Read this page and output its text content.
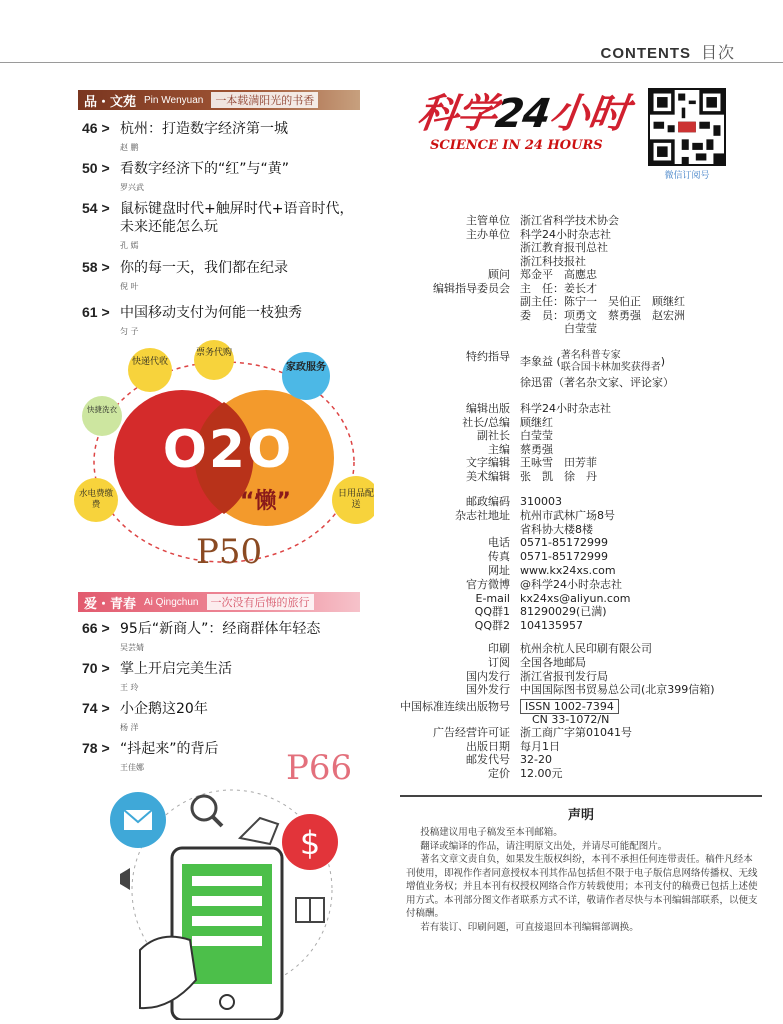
CONTENTS 目次
品・文苑 Pin Wenyuan	一本载满阳光的书香
46 > 杭州：打造数字经济第一城
赵 鹏
50 > 看数字经济下的“红”与“黄”
罗兴武
54 > 鼠标键盘时代+触屏时代+语音时代，
未来还能怎么玩
孔 嫣
58 > 你的每一天，我们都在纪录
倪 叶
61 > 中国移动支付为何能一枝独秀
匀 子
快递代收
票务代购
家政服务
快捷洗衣
水电费缴费
日用品配送
O2O
“懒”
P50
爱・青春 Ai Qingchun	一次没有后悔的旅行
66 > 95后“新商人”：经商群体年轻态
吴芸婧
70 > 掌上开启完美生活
王 玲
74 > 小企鹅这20年
杨 洋
78 > “抖起来”的背后
王佳娜	P66
$
科学24小时
SCIENCE IN 24 HOURS
微信订阅号
主管单位 浙江省科学技术协会
主办单位 科学24小时杂志社
浙江教育报刊总社
浙江科技报社
顾问 郑金平　高應忠
编辑指导委员会 主　任：姜长才
副主任：陈宁一　吴伯正　顾继红
委　员：项勇文　蔡勇强　赵宏洲
　　　　白莹莹
特约指导 李象益 ( 著名科普专家
联合国卡林加奖获得者 )
徐迅雷（著名杂文家、评论家）
编辑出版 科学24小时杂志社
社长/总编 顾继红
副社长 白莹莹
主编 蔡勇强
文字编辑 王咏雪　田芳菲
美术编辑 张　凯　徐　丹
邮政编码 310003
杂志社地址 杭州市武林广场8号
省科协大楼8楼
电话 0571-85172999
传真 0571-85172999
网址 www.kx24xs.com
官方微博 @科学24小时杂志社
E-mail kx24xs@aliyun.com
QQ群1 81290029(已满)
QQ群2 104135957
印刷 杭州余杭人民印刷有限公司
订阅 全国各地邮局
国内发行 浙江省报刊发行局
国外发行 中国国际图书贸易总公司(北京399信箱)
中国标准连续出版物号	ISSN 1002-7394
CN 33-1072/N
广告经营许可证 浙工商广字第01041号
出版日期 每月1日
邮发代号 32-20
定价 12.00元
声明

投稿建议用电子稿发至本刊邮箱。

翻译或编译的作品，请注明原文出处，并请尽可能配图片。

著名文章文责自负，如果发生版权纠纷，本刊不承担任何连带责任。稿件凡经本刊使用，即视作作者同意授权本刊其作品包括但不限于电子版信息网络传播权、无线增值业务权；并且本刊有权授权网络合作方转载使用；本刊支付的稿费已包括上述使用方式。本刊部分图文作者联系方式不详，敬请作者尽快与本刊编辑部联系，以便支付稿酬。

若有装订、印刷问题，可直接退回本刊编辑部调换。
